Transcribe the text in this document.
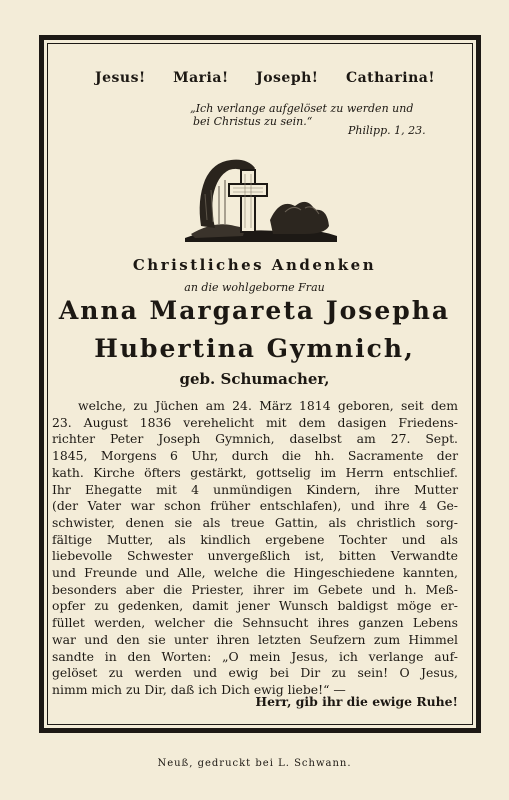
Jesus! Maria! Joseph! Catharina!
„Ich verlange aufgelöset zu werden und
bei Christus zu sein.“
Philipp. 1, 23.
Christliches Andenken
an die wohlgeborne Frau
Anna Margareta Josepha
Hubertina Gymnich,
geb. Schumacher,
welche, zu Jüchen am 24. März 1814 geboren, seit dem
23. August 1836 verehelicht mit dem dasigen Friedens-
richter Peter Joseph Gymnich, daselbst am 27. Sept.
1845, Morgens 6 Uhr, durch die hh. Sacramente der
kath. Kirche öfters gestärkt, gottselig im Herrn entschlief.
Ihr Ehegatte mit 4 unmündigen Kindern, ihre Mutter
(der Vater war schon früher entschlafen), und ihre 4 Ge-
schwister, denen sie als treue Gattin, als christlich sorg-
fältige Mutter, als kindlich ergebene Tochter und als
liebevolle Schwester unvergeßlich ist, bitten Verwandte
und Freunde und Alle, welche die Hingeschiedene kannten,
besonders aber die Priester, ihrer im Gebete und h. Meß-
opfer zu gedenken, damit jener Wunsch baldigst möge er-
füllet werden, welcher die Sehnsucht ihres ganzen Lebens
war und den sie unter ihren letzten Seufzern zum Himmel
sandte in den Worten: „O mein Jesus, ich verlange auf-
gelöset zu werden und ewig bei Dir zu sein! O Jesus,
nimm mich zu Dir, daß ich Dich ewig liebe!“ —
Herr, gib ihr die ewige Ruhe!
Neuß, gedruckt bei L. Schwann.
